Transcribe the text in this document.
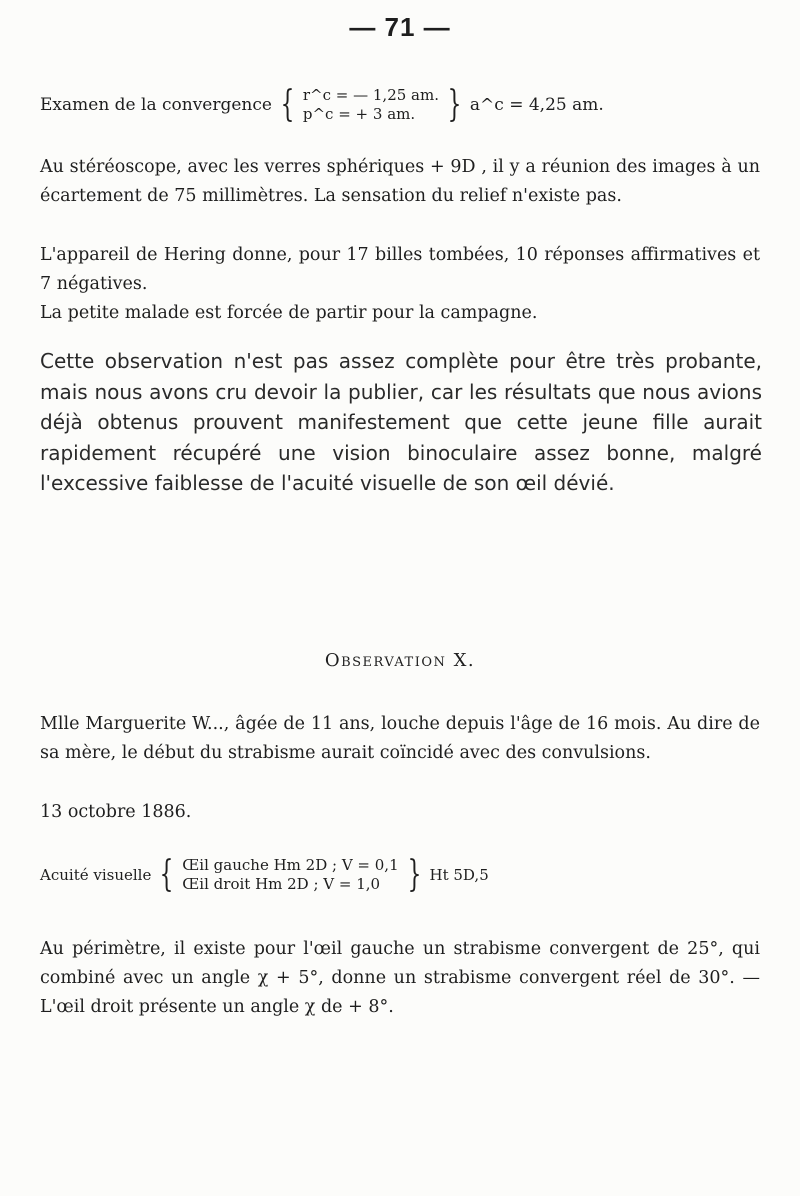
— 71 —
Examen de la convergence { r^c = — 1,25 am.
p^c = + 3 am. } a^c = 4,25 am.
Au stéréoscope, avec les verres sphériques + 9D , il y a réunion des images à un écartement de 75 millimètres. La sensation du relief n'existe pas.
L'appareil de Hering donne, pour 17 billes tombées, 10 réponses affirmatives et 7 négatives.
La petite malade est forcée de partir pour la campagne.
Cette observation n'est pas assez complète pour être très probante, mais nous avons cru devoir la publier, car les résultats que nous avions déjà obtenus prouvent manifestement que cette jeune fille aurait rapidement récupéré une vision binoculaire assez bonne, malgré l'excessive faiblesse de l'acuité visuelle de son œil dévié.
Observation X.
Mlle Marguerite W..., âgée de 11 ans, louche depuis l'âge de 16 mois. Au dire de sa mère, le début du strabisme aurait coïncidé avec des convulsions.
13 octobre 1886.
Acuité visuelle { Œil gauche Hm 2D ; V = 0,1
Œil droit Hm 2D ; V = 1,0 } Ht 5D,5
Au périmètre, il existe pour l'œil gauche un strabisme convergent de 25°, qui combiné avec un angle χ + 5°, donne un strabisme convergent réel de 30°. — L'œil droit présente un angle χ de + 8°.
